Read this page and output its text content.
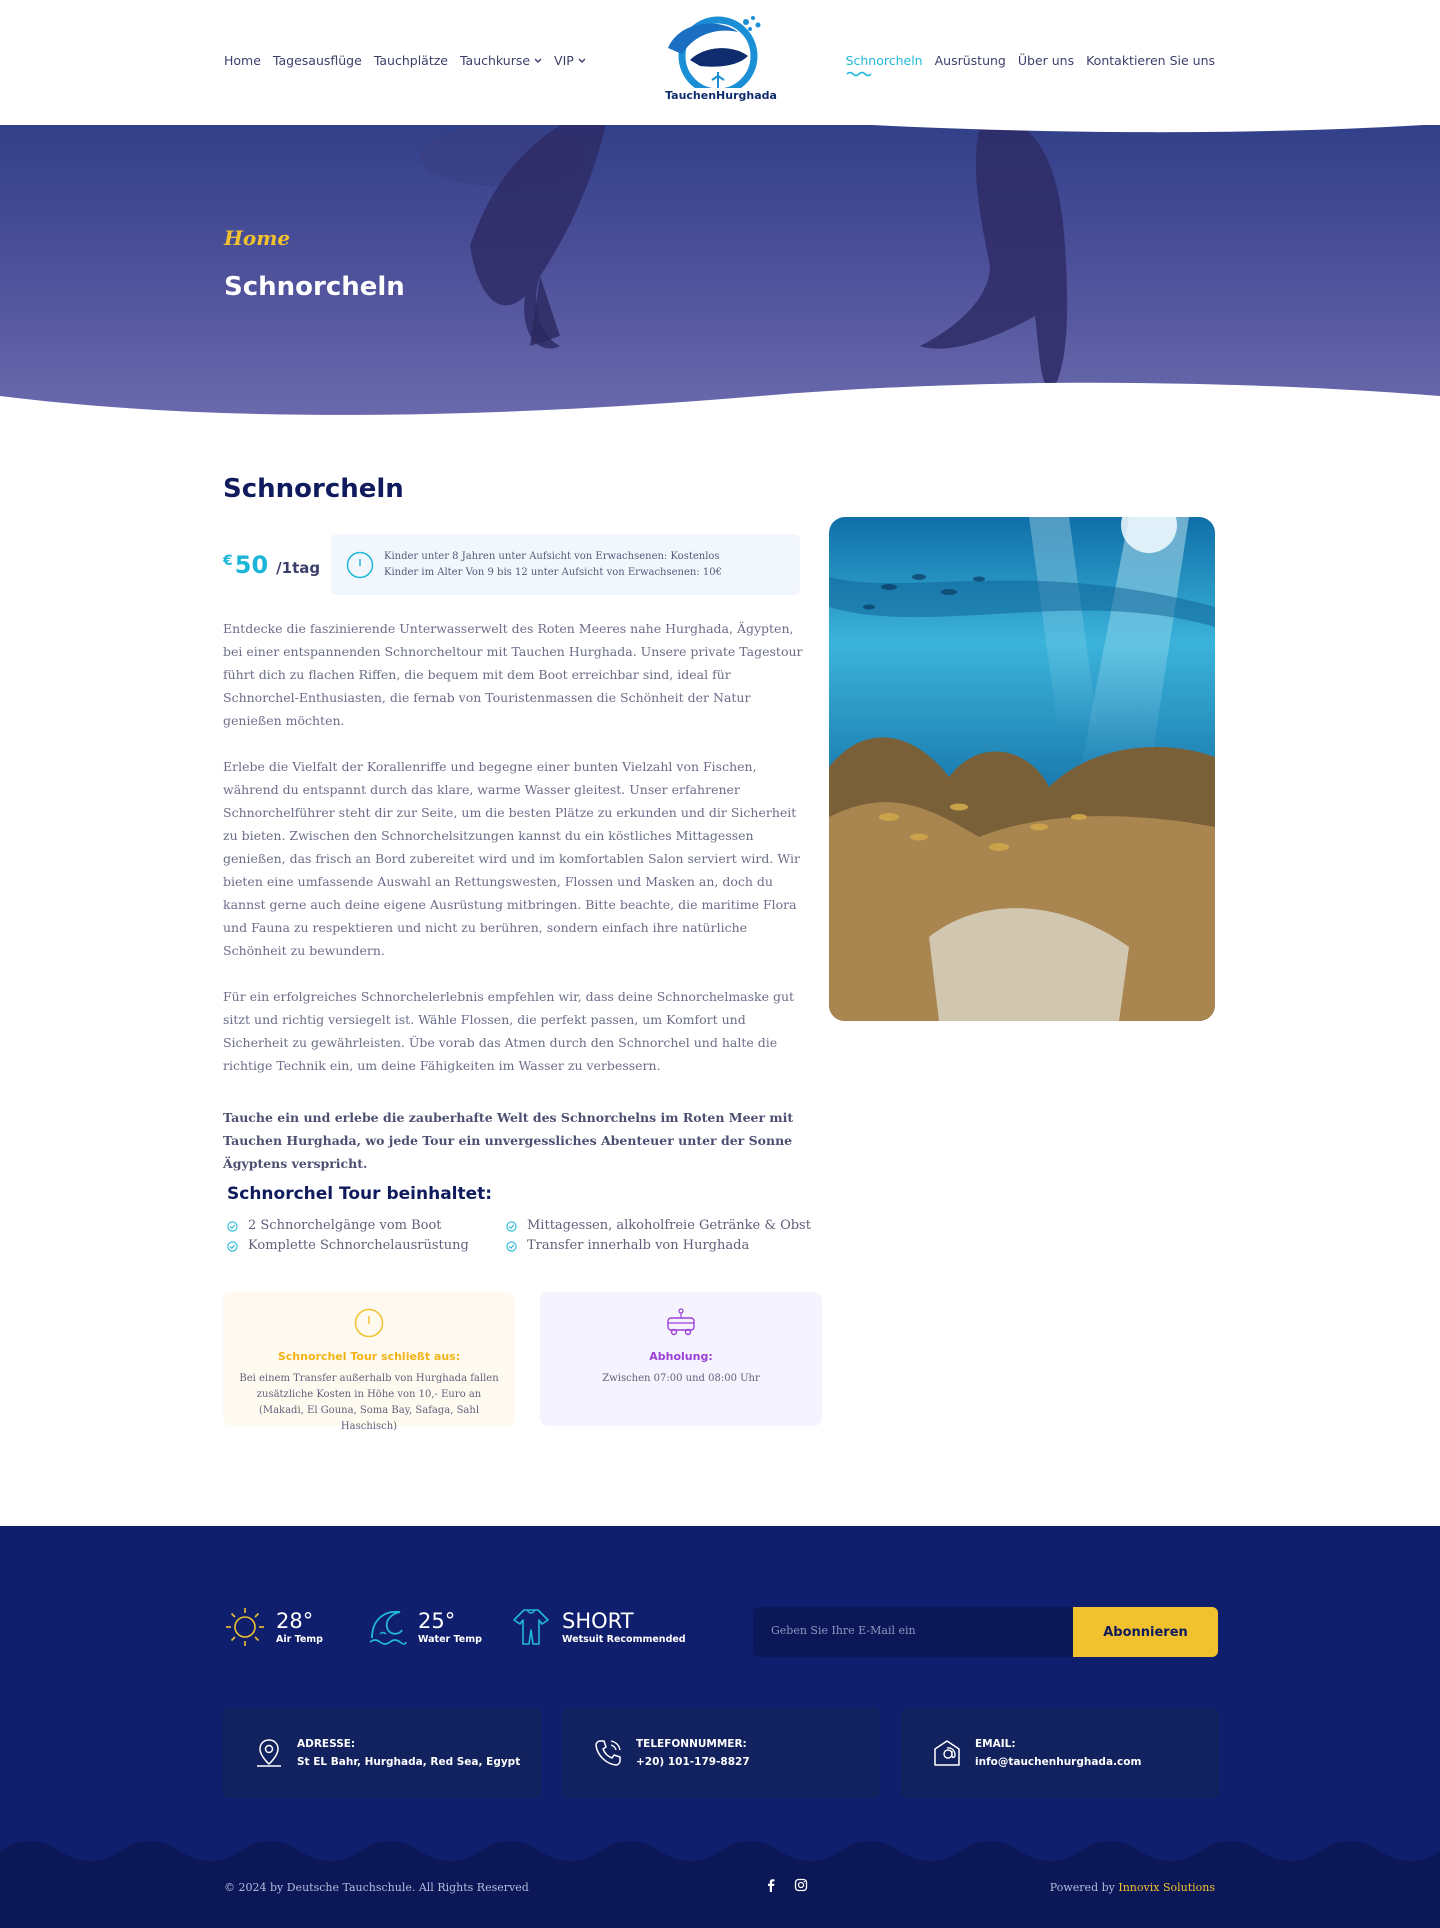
Home Tagesausflüge Tauchplätze Tauchkurse VIP
TauchenHurghada
Schnorcheln Ausrüstung Über uns Kontaktieren Sie uns
Home
Schnorcheln
Schnorcheln
€ 50 /1tag
Kinder unter 8 Jahren unter Aufsicht von Erwachsenen: Kostenlos
Kinder im Alter Von 9 bis 12 unter Aufsicht von Erwachsenen: 10€

Entdecke die faszinierende Unterwasserwelt des Roten Meeres nahe Hurghada, Ägypten, bei einer entspannenden Schnorcheltour mit Tauchen Hurghada. Unsere private Tagestour führt dich zu flachen Riffen, die bequem mit dem Boot erreichbar sind, ideal für Schnorchel-Enthusiasten, die fernab von Touristenmassen die Schönheit der Natur genießen möchten.

Erlebe die Vielfalt der Korallenriffe und begegne einer bunten Vielzahl von Fischen, während du entspannt durch das klare, warme Wasser gleitest. Unser erfahrener Schnorchelführer steht dir zur Seite, um die besten Plätze zu erkunden und dir Sicherheit zu bieten. Zwischen den Schnorchelsitzungen kannst du ein köstliches Mittagessen genießen, das frisch an Bord zubereitet wird und im komfortablen Salon serviert wird. Wir bieten eine umfassende Auswahl an Rettungswesten, Flossen und Masken an, doch du kannst gerne auch deine eigene Ausrüstung mitbringen. Bitte beachte, die maritime Flora und Fauna zu respektieren und nicht zu berühren, sondern einfach ihre natürliche Schönheit zu bewundern.

Für ein erfolgreiches Schnorchelerlebnis empfehlen wir, dass deine Schnorchelmaske gut sitzt und richtig versiegelt ist. Wähle Flossen, die perfekt passen, um Komfort und Sicherheit zu gewährleisten. Übe vorab das Atmen durch den Schnorchel und halte die richtige Technik ein, um deine Fähigkeiten im Wasser zu verbessern.

Tauche ein und erlebe die zauberhafte Welt des Schnorchelns im Roten Meer mit Tauchen Hurghada, wo jede Tour ein unvergessliches Abenteuer unter der Sonne Ägyptens verspricht.

Schnorchel Tour beinhaltet:
2 Schnorchelgänge vom Boot
Komplette Schnorchelausrüstung
Mittagessen, alkoholfreie Getränke & Obst
Transfer innerhalb von Hurghada
Schnorchel Tour schließt aus:
Bei einem Transfer außerhalb von Hurghada fallen zusätzliche Kosten in Höhe von 10,- Euro an (Makadi, El Gouna, Soma Bay, Safaga, Sahl Haschisch)
Abholung:
Zwischen 07:00 und 08:00 Uhr
28°
Air Temp
25°
Water Temp
SHORT
Wetsuit Recommended
Geben Sie Ihre E-Mail ein	Abonnieren
ADRESSE:
St EL Bahr, Hurghada, Red Sea, Egypt
TELEFONNUMMER:
+20) 101-179-8827
EMAIL:
info@tauchenhurghada.com
© 2024 by Deutsche Tauchschule. All Rights Reserved	Powered by Innovix Solutions
